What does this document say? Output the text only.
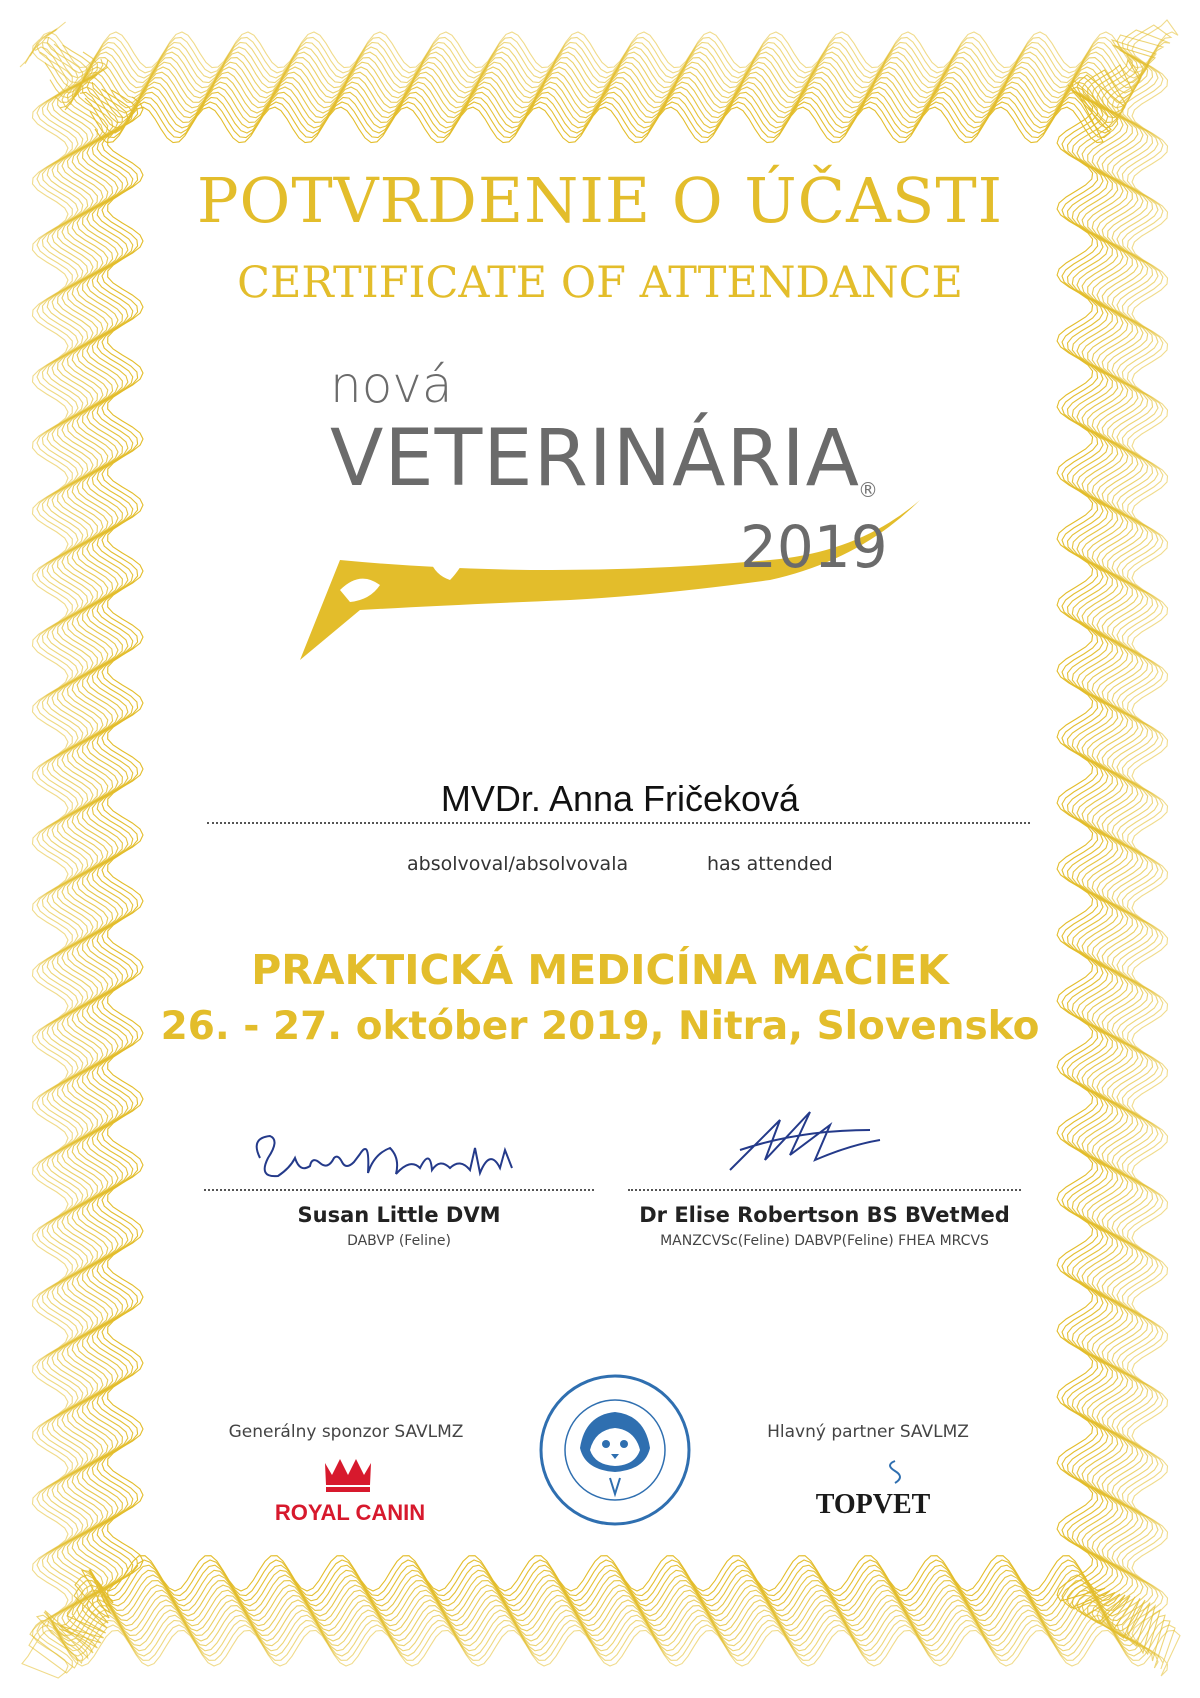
POTVRDENIE O ÚČASTI
CERTIFICATE OF ATTENDANCE
nová
VETERINÁRIA
®
2019
MVDr. Anna Fričeková
absolvoval/absolvovala	has attended
PRAKTICKÁ MEDICÍNA MAČIEK
26. - 27. október 2019, Nitra, Slovensko
Susan Little DVM
DABVP (Feline)
Dr Elise Robertson BS BVetMed
MANZCVSc(Feline) DABVP(Feline) FHEA MRCVS
Generálny sponzor SAVLMZ
ROYAL CANIN
Hlavný partner SAVLMZ
TOPVET
